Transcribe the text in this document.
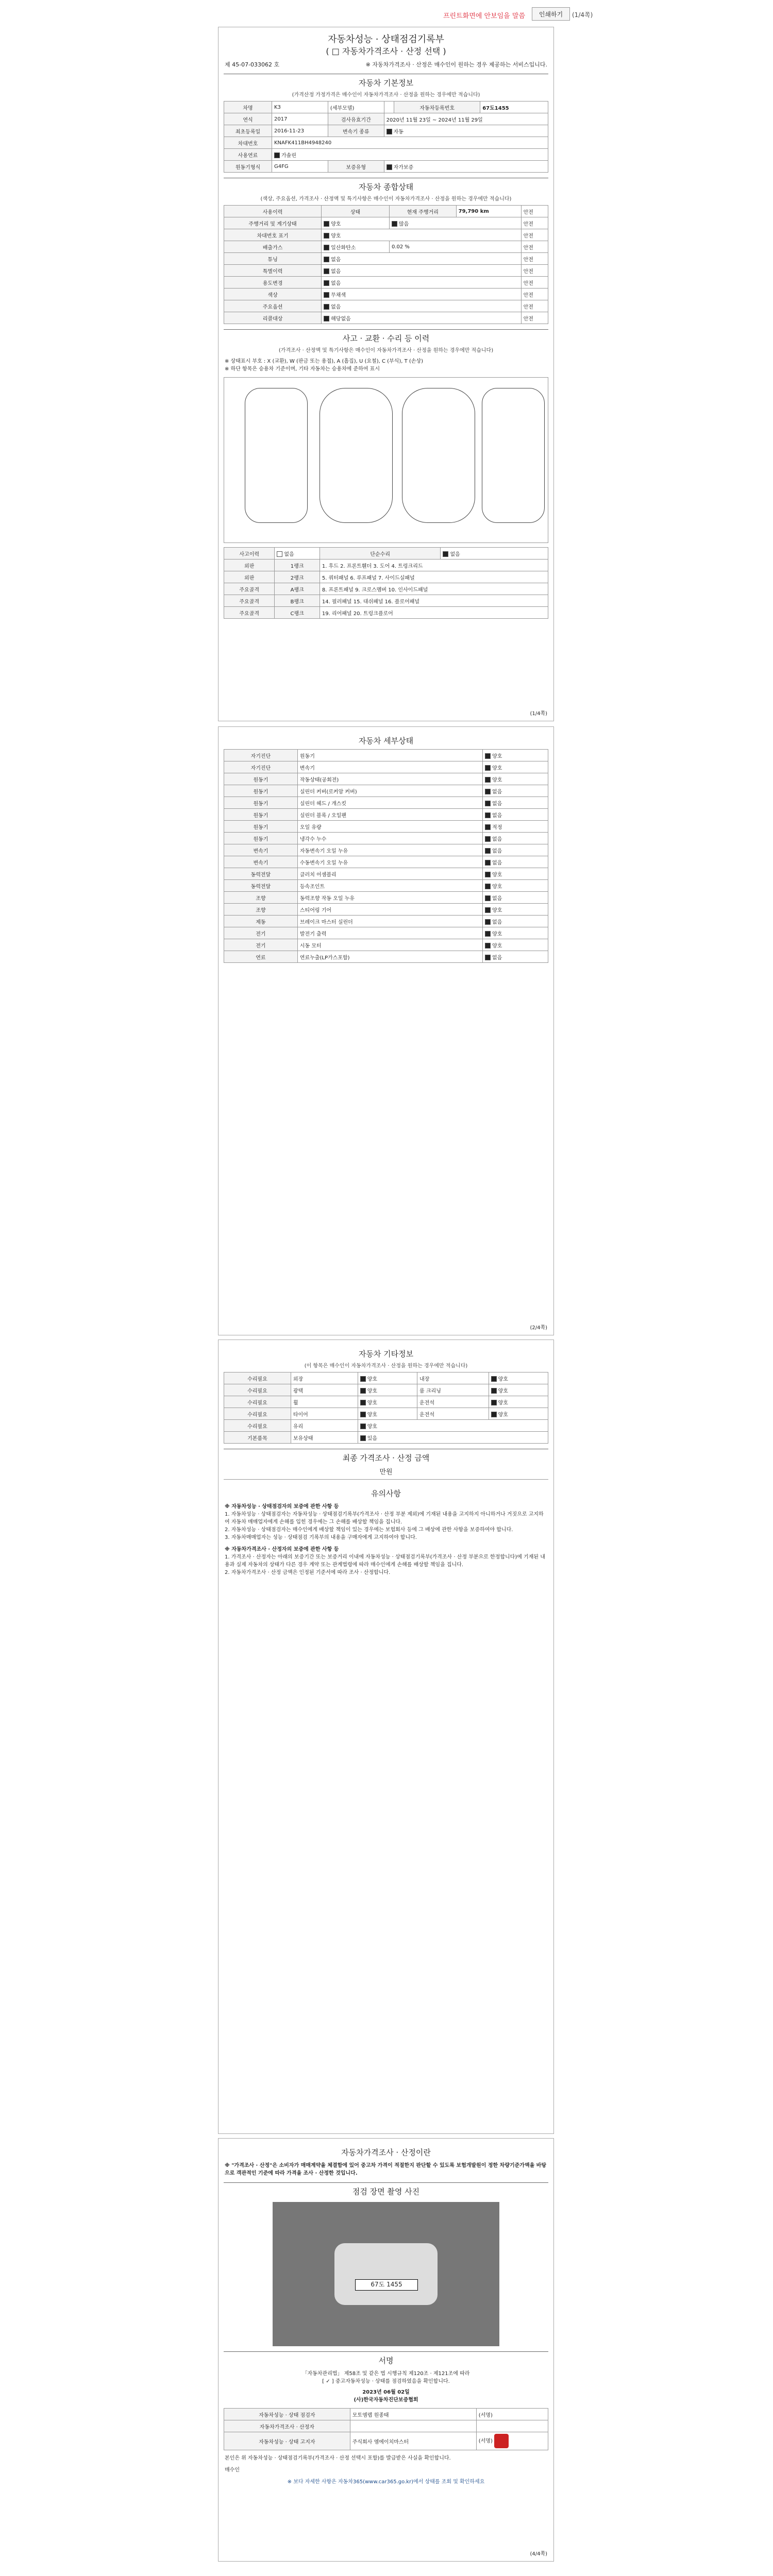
프린트화면에 안보임을 말씀	인쇄하기	(1/4쪽)
자동차성능 · 상태점검기록부
( □ 자동차가격조사 · 산정 선택 )
제 45-07-033062 호	※ 자동차가격조사 · 산정은 매수인이 원하는 경우 제공하는 서비스입니다.
자동차 기본정보
(가격산정 가정가격은 매수인이 자동차가격조사 · 산정을 원하는 경우에만 적습니다)
차명	K3	(세부모델)		자동차등록번호	67도1455
연식	2017	검사유효기간	2020년 11월 23일 ~ 2024년 11월 29일		
최초등록일	2016-11-23	변속기 종류	자동		
차대번호	KNAFK411BH4948240				
사용연료	가솔린				
원동기형식	G4FG	보증유형	자가보증		
자동차 종합상태
(색상, 주요옵션, 가격조사 · 산정액 및 특기사항은 매수인이 자동차가격조사 · 산정을 원하는 경우에만 적습니다)
사용이력	상태	현재 주행거리	79,790 km	안전
주행거리 및 계기상태	양호	많음		안전
차대번호 표기	양호			안전
배출가스	일산화탄소	0.02 %		안전
튜닝	없음			안전
특별이력	없음			안전
용도변경	없음			안전
색상	무채색			안전
주요옵션	없음			안전
리콜대상	해당없음			안전
사고 · 교환 · 수리 등 이력
(가격조사 · 산정액 및 특기사항은 매수인이 자동차가격조사 · 산정을 원하는 경우에만 적습니다)
※ 상태표시 부호 : X (교환), W (판금 또는 용접), A (흠집), U (요철), C (부식), T (손상)
※ 하단 항목은 승용차 기준이며, 기타 자동차는 승용차에 준하여 표시
사고이력	없음	단순수리	없음
외판	1랭크	1. 후드 2. 프론트휀더 3. 도어 4. 트렁크리드	
외판	2랭크	5. 쿼터패널 6. 루프패널 7. 사이드실패널	
주요골격	A랭크	8. 프론트패널 9. 크로스멤버 10. 인사이드패널	
주요골격	B랭크	14. 필러패널 15. 대쉬패널 16. 플로어패널	
주요골격	C랭크	19. 리어패널 20. 트렁크플로어	
(1/4쪽)
자동차 세부상태
자기진단	원동기	양호
자기진단	변속기	양호
원동기	작동상태(공회전)	양호
원동기	실린더 커버(로커암 커버)	없음
원동기	실린더 헤드 / 개스킷	없음
원동기	실린더 블록 / 오일팬	없음
원동기	오일 유량	적정
원동기	냉각수 누수	없음
변속기	자동변속기 오일 누유	없음
변속기	수동변속기 오일 누유	없음
동력전달	클러치 어셈블리	양호
동력전달	등속조인트	양호
조향	동력조향 작동 오일 누유	없음
조향	스티어링 기어	양호
제동	브레이크 마스터 실린더	없음
전기	발전기 출력	양호
전기	시동 모터	양호
연료	연료누출(LP가스포함)	없음
(2/4쪽)
자동차 기타정보
(이 항목은 매수인이 자동차가격조사 · 산정을 원하는 경우에만 적습니다)
수리필요	외장	양호	내장	양호
수리필요	광택	양호	룸 크리닝	양호
수리필요	휠	양호	운전석	양호
수리필요	타이어	양호	운전석	양호
수리필요	유리	양호		
기본품목	보유상태	있음		
최종 가격조사 · 산정 금액
만원
유의사항
※ 자동차성능 · 상태점검자의 보증에 관한 사항 등
1. 자동차성능 · 상태점검자는 자동차성능 · 상태점검기록부(가격조사 · 산정 부분 제외)에 기재된 내용을 고지하지 아니하거나 거짓으로 고지하여 자동차 매매업자에게 손해를 입힌 경우에는 그 손해를 배상할 책임을 집니다.
2. 자동차성능 · 상태점검자는 매수인에게 배상할 책임이 있는 경우에는 보험회사 등에 그 배상에 관한 사항을 보증하여야 합니다.
3. 자동차매매업자는 성능 · 상태점검 기록부의 내용을 구매자에게 고지하여야 합니다.
※ 자동차가격조사 · 산정자의 보증에 관한 사항 등
1. 가격조사 · 산정자는 아래의 보증기간 또는 보증거리 이내에 자동차성능 · 상태점검기록부(가격조사 · 산정 부분으로 한정합니다)에 기재된 내용과 실제 자동차의 상태가 다른 경우 계약 또는 관계법령에 따라 매수인에게 손해를 배상할 책임을 집니다.
2. 자동차가격조사 · 산정 금액은 인정된 기준서에 따라 조사 · 산정합니다.
자동차가격조사 · 산정이란
※ "가격조사 · 산정"은 소비자가 매매계약을 체결함에 있어 중고차 가격이 적절한지 판단할 수 있도록 보험개발원이 정한 차량기준가액을 바탕으로 객관적인 기준에 따라 가격을 조사 · 산정한 것입니다.
점검 장면 촬영 사진
67도 1455
서명
「자동차관리법」 제58조 및 같은 법 시행규칙 제120조 · 제121조에 따라
[ ✓ ] 중고자동차성능 · 상태를 점검하였음을 확인합니다.
2023년 06월 02일
(사)한국자동차진단보증협회
자동차성능 · 상태 점검자	모토엠랩 원종태	(서명)
자동차가격조사 · 산정자		
자동차성능 · 상태 고지자	주식회사 엠에이치마스터	(서명)
본인은 위 자동차성능 · 상태점검기록부(가격조사 · 산정 선택시 포함)를 발급받은 사실을 확인합니다.
매수인
※ 보다 자세한 사항은 자동차365(www.car365.go.kr)에서 상태를 조회 및 확인하세요
(4/4쪽)
